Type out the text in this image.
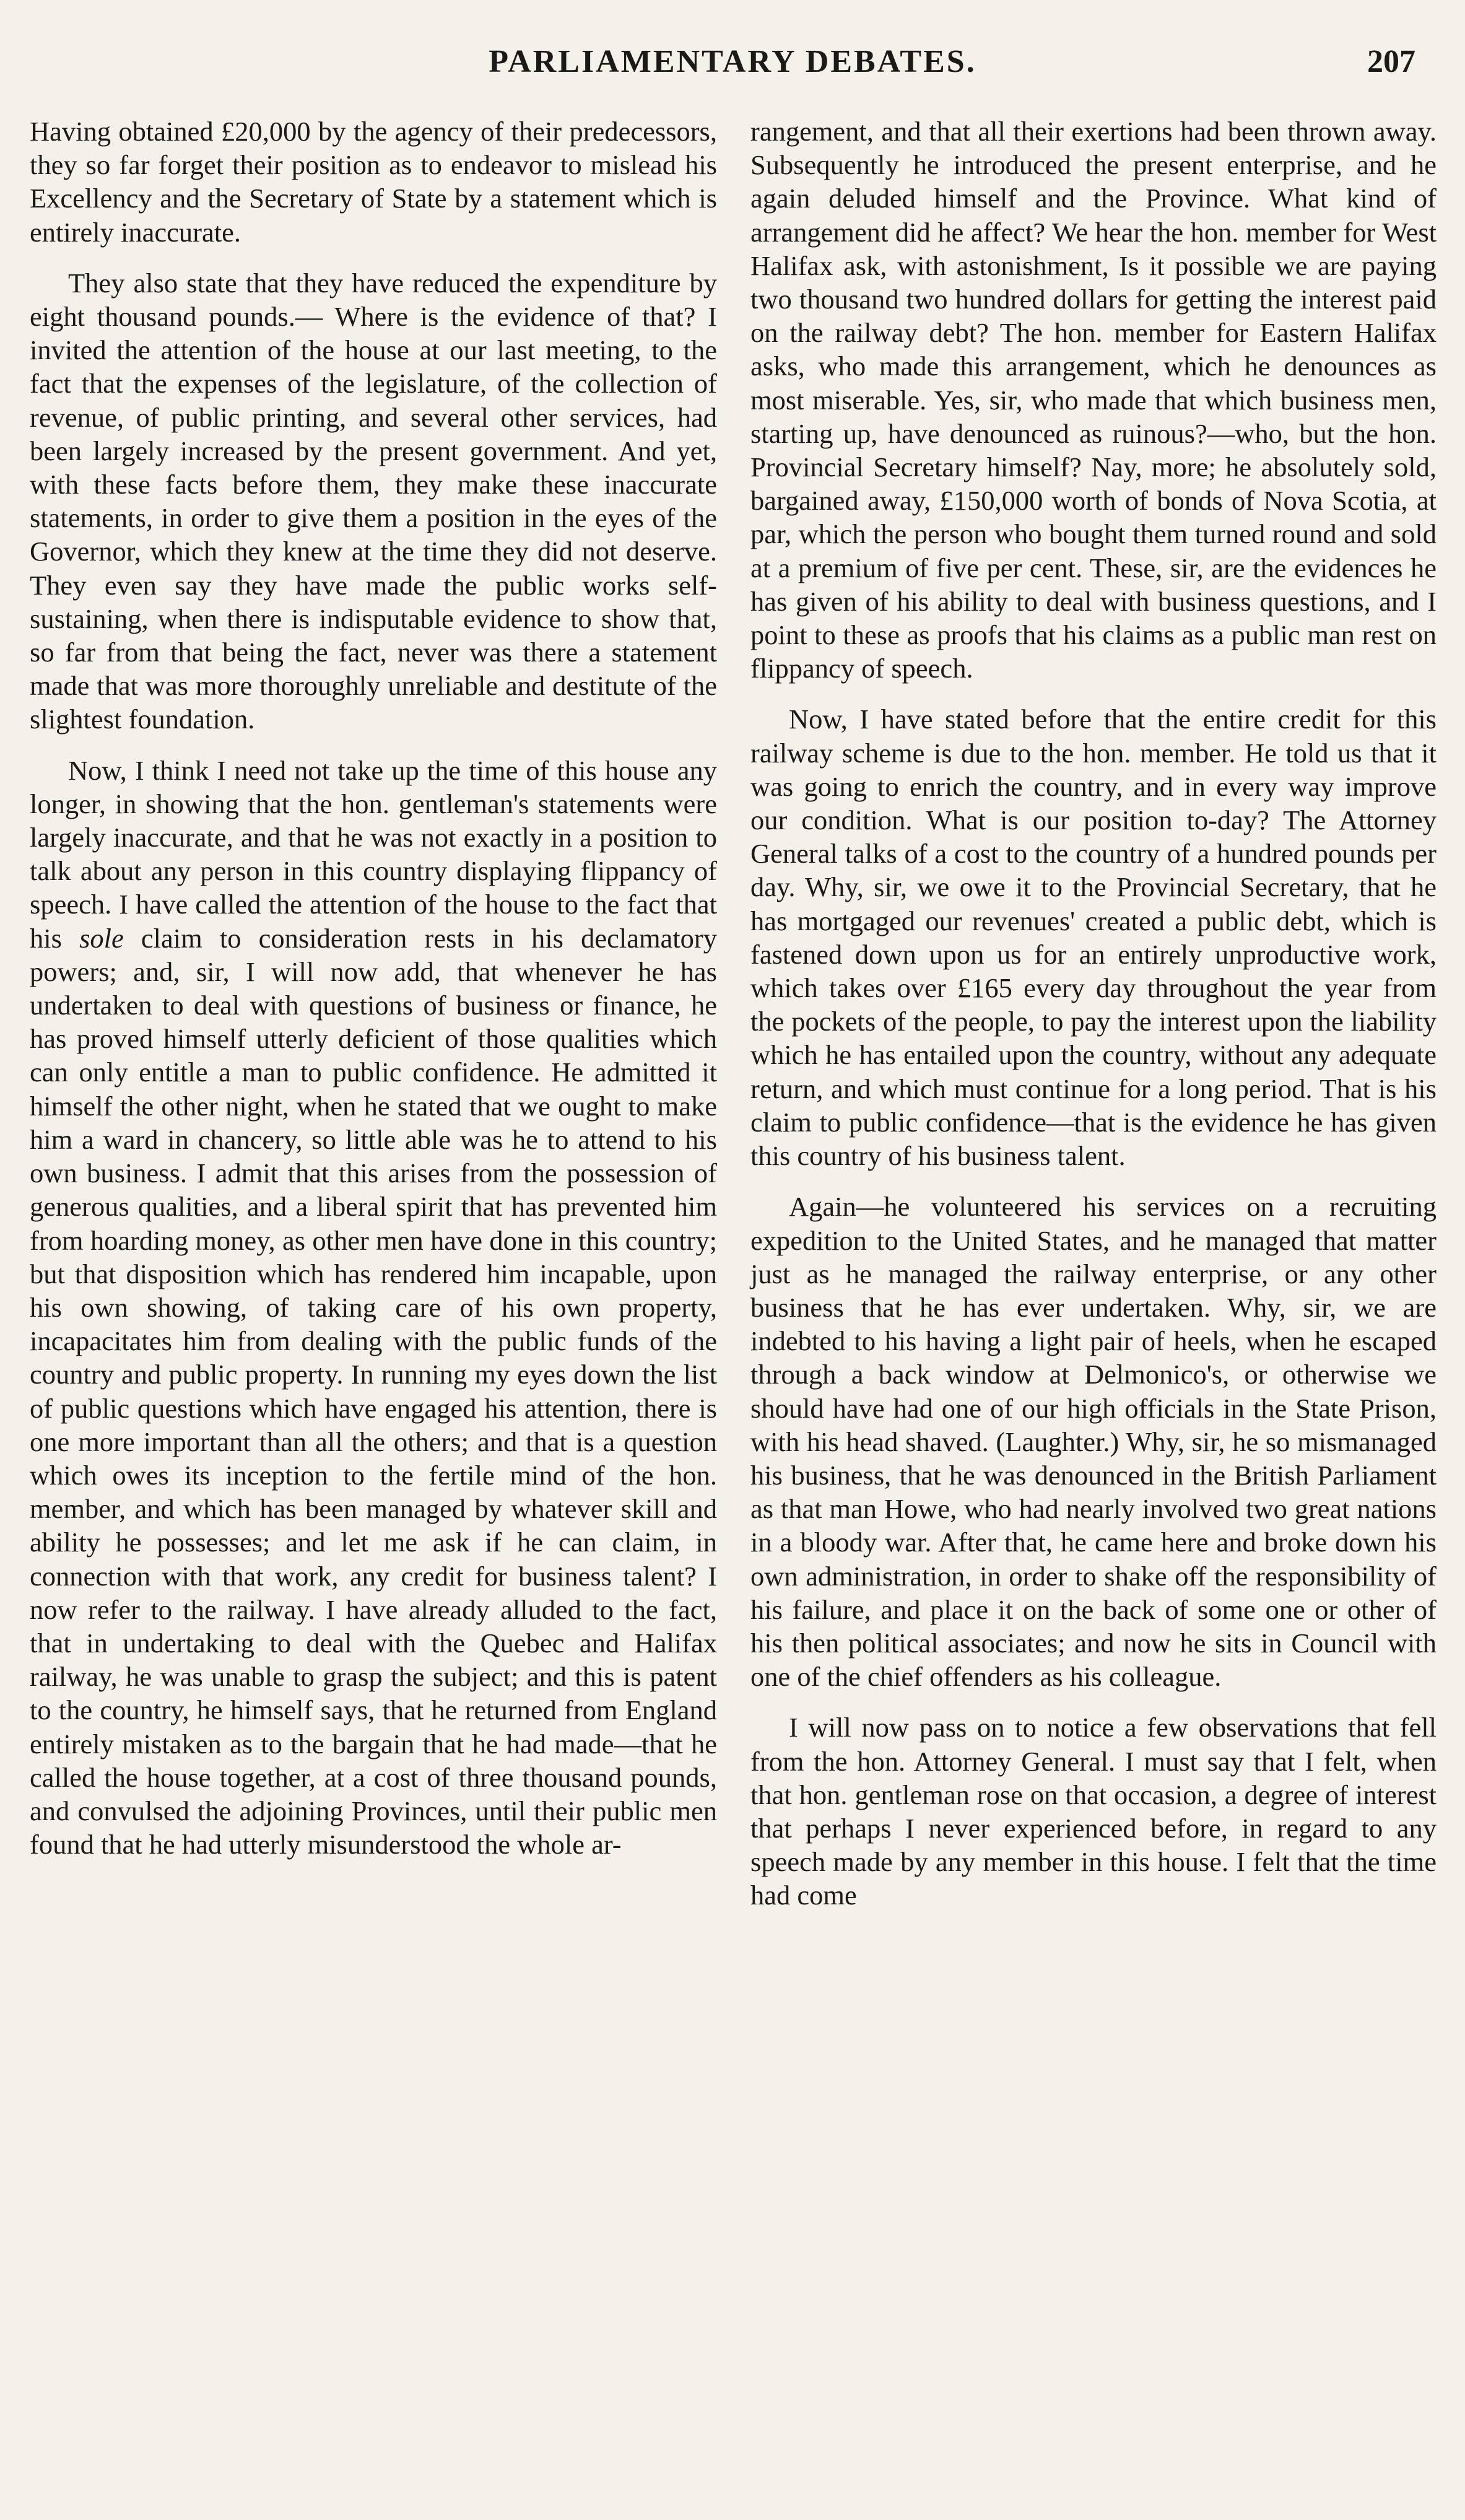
PARLIAMENTARY DEBATES.	207

Having obtained £20,000 by the agency of their predecessors, they so far forget their position as to endeavor to mislead his Excellency and the Secretary of State by a statement which is entirely inaccurate.

They also state that they have reduced the expenditure by eight thousand pounds.— Where is the evidence of that? I invited the attention of the house at our last meeting, to the fact that the expenses of the legislature, of the collection of revenue, of public printing, and several other services, had been largely increased by the present government. And yet, with these facts before them, they make these inaccurate statements, in order to give them a position in the eyes of the Governor, which they knew at the time they did not deserve. They even say they have made the public works self-sustaining, when there is indisputable evidence to show that, so far from that being the fact, never was there a statement made that was more thoroughly unreliable and destitute of the slightest foundation.

Now, I think I need not take up the time of this house any longer, in showing that the hon. gentleman's statements were largely inaccurate, and that he was not exactly in a position to talk about any person in this country displaying flippancy of speech. I have called the attention of the house to the fact that his sole claim to consideration rests in his declamatory powers; and, sir, I will now add, that whenever he has undertaken to deal with questions of business or finance, he has proved himself utterly deficient of those qualities which can only entitle a man to public confidence. He admitted it himself the other night, when he stated that we ought to make him a ward in chancery, so little able was he to attend to his own business. I admit that this arises from the possession of generous qualities, and a liberal spirit that has prevented him from hoarding money, as other men have done in this country; but that disposition which has rendered him incapable, upon his own showing, of taking care of his own property, incapacitates him from dealing with the public funds of the country and public property. In running my eyes down the list of public questions which have engaged his attention, there is one more important than all the others; and that is a question which owes its inception to the fertile mind of the hon. member, and which has been managed by whatever skill and ability he possesses; and let me ask if he can claim, in connection with that work, any credit for business talent? I now refer to the railway. I have already alluded to the fact, that in undertaking to deal with the Quebec and Halifax railway, he was unable to grasp the subject; and this is patent to the country, he himself says, that he returned from England entirely mistaken as to the bargain that he had made—that he called the house together, at a cost of three thousand pounds, and convulsed the adjoining Provinces, until their public men found that he had utterly misunderstood the whole ar-

rangement, and that all their exertions had been thrown away. Subsequently he introduced the present enterprise, and he again deluded himself and the Province. What kind of arrangement did he affect? We hear the hon. member for West Halifax ask, with astonishment, Is it possible we are paying two thousand two hundred dollars for getting the interest paid on the railway debt? The hon. member for Eastern Halifax asks, who made this arrangement, which he denounces as most miserable. Yes, sir, who made that which business men, starting up, have denounced as ruinous?—who, but the hon. Provincial Secretary himself? Nay, more; he absolutely sold, bargained away, £150,000 worth of bonds of Nova Scotia, at par, which the person who bought them turned round and sold at a premium of five per cent. These, sir, are the evidences he has given of his ability to deal with business questions, and I point to these as proofs that his claims as a public man rest on flippancy of speech.

Now, I have stated before that the entire credit for this railway scheme is due to the hon. member. He told us that it was going to enrich the country, and in every way improve our condition. What is our position to-day? The Attorney General talks of a cost to the country of a hundred pounds per day. Why, sir, we owe it to the Provincial Secretary, that he has mortgaged our revenues' created a public debt, which is fastened down upon us for an entirely unproductive work, which takes over £165 every day throughout the year from the pockets of the people, to pay the interest upon the liability which he has entailed upon the country, without any adequate return, and which must continue for a long period. That is his claim to public confidence—that is the evidence he has given this country of his business talent.

Again—he volunteered his services on a recruiting expedition to the United States, and he managed that matter just as he managed the railway enterprise, or any other business that he has ever undertaken. Why, sir, we are indebted to his having a light pair of heels, when he escaped through a back window at Delmonico's, or otherwise we should have had one of our high officials in the State Prison, with his head shaved. (Laughter.) Why, sir, he so mismanaged his business, that he was denounced in the British Parliament as that man Howe, who had nearly involved two great nations in a bloody war. After that, he came here and broke down his own administration, in order to shake off the responsibility of his failure, and place it on the back of some one or other of his then political associates; and now he sits in Council with one of the chief offenders as his colleague.

I will now pass on to notice a few observations that fell from the hon. Attorney General. I must say that I felt, when that hon. gentleman rose on that occasion, a degree of interest that perhaps I never experienced before, in regard to any speech made by any member in this house. I felt that the time had come
